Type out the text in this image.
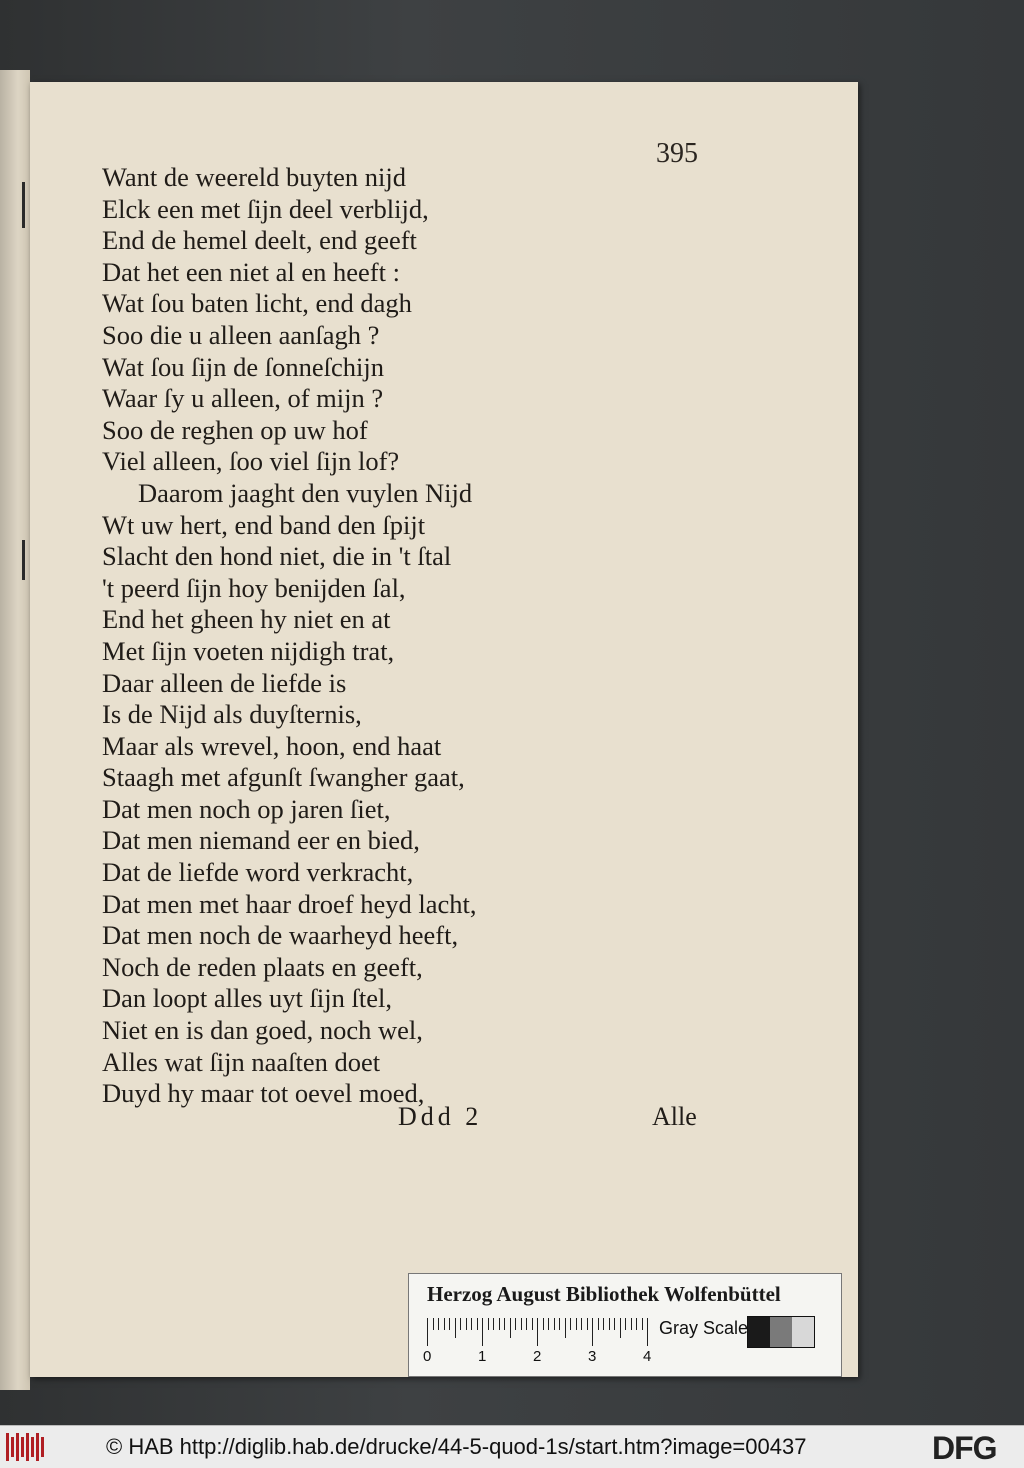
395
Want de weereld buyten nijd
Elck een met ſijn deel verblijd,
End de hemel deelt, end geeft
Dat het een niet al en heeft :
Wat ſou baten licht, end dagh
Soo die u alleen aanſagh ?
Wat ſou ſijn de ſonneſchijn
Waar ſy u alleen, of mijn ?
Soo de reghen op uw hof
Viel alleen, ſoo viel ſijn lof?
Daarom jaaght den vuylen Nijd
Wt uw hert, end band den ſpijt
Slacht den hond niet, die in 't ſtal
't peerd ſijn hoy benijden ſal,
End het gheen hy niet en at
Met ſijn voeten nijdigh trat,
Daar alleen de liefde is
Is de Nijd als duyſternis,
Maar als wrevel, hoon, end haat
Staagh met afgunſt ſwangher gaat,
Dat men noch op jaren ſiet,
Dat men niemand eer en bied,
Dat de liefde word verkracht,
Dat men met haar droef heyd lacht,
Dat men noch de waarheyd heeft,
Noch de reden plaats en geeft,
Dan loopt alles uyt ſijn ſtel,
Niet en is dan goed, noch wel,
Alles wat ſijn naaſten doet
Duyd hy maar tot oevel moed,
Ddd 2	Alle
Herzog August Bibliothek Wolfenbüttel
0	1	2	3	4
Gray Scale
© HAB http://diglib.hab.de/drucke/44-5-quod-1s/start.htm?image=00437	DFG
